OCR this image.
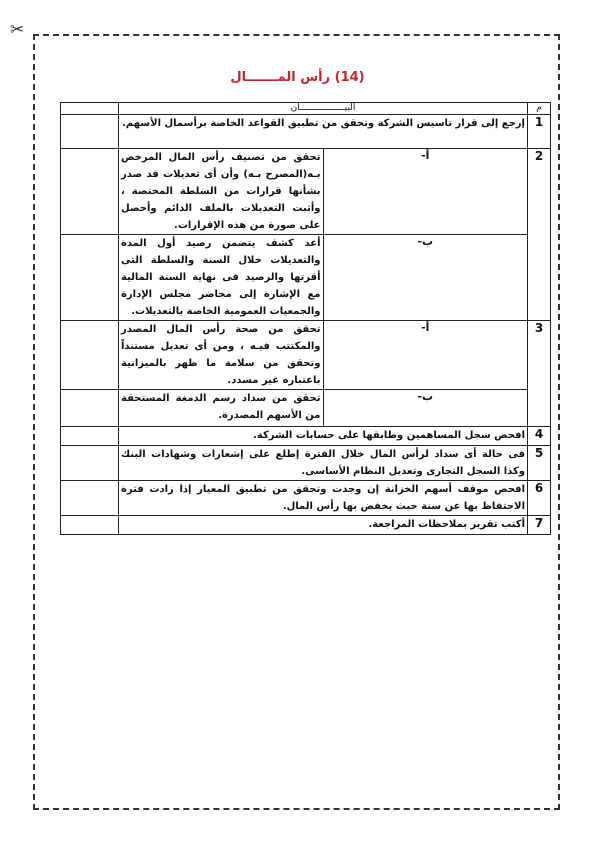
✂
(14) رأس المـــــــال
م	البيـــــــــــــــــان		
1	إرجع إلى قرار تاسيس الشركة وتحقق من تطبيق القواعد الخاصة برأسمال الأسهم.		
2	أ-	تحقق من تصنيف رأس المال المرخص بـه(المصرح بـه) وأن أى تعديلات قد صدر بشأنها قرارات من السلطة المختصة ، وأثبت التعديلات بالملف الدائم وأحصل على صورة من هذه الإقرارات.	
	ب-	أعد كشف يتضمن رصيد أول المدة والتعديلات خلال السنة والسلطة التى أقرتها والرصيد فى نهاية السنة المالية مع الإشارة إلى محاضر مجلس الإدارة والجمعيات العمومية الخاصة بالتعديلات.	
3	أ-	تحقق من صحة رأس المال المصدر والمكتتب فيـه ، ومن أى تعديل مستنداً وتحقق من سلامة ما ظهر بالميزانية باعتباره غير مسدد.	
	ب-	تحقق من سداد رسم الدمغة المستحقة من الأسهم المصدرة.	
4	افحص سجل المساهمين وطابقها على حسابات الشركة.		
5	فى حالة أى سداد لرأس المال خلال الفترة إطلع على إشعارات وشهادات البنك وكذا السجل التجارى وتعديل النظام الأساسى.		
6	افحص موقف أسهم الخزانة إن وجدت وتحقق من تطبيق المعيار إذا زادت فترة الاحتفاظ بها عن سنة حيث يخفض بها رأس المال.		
7	أكتب تقرير بملاحظات المراجعة.		
